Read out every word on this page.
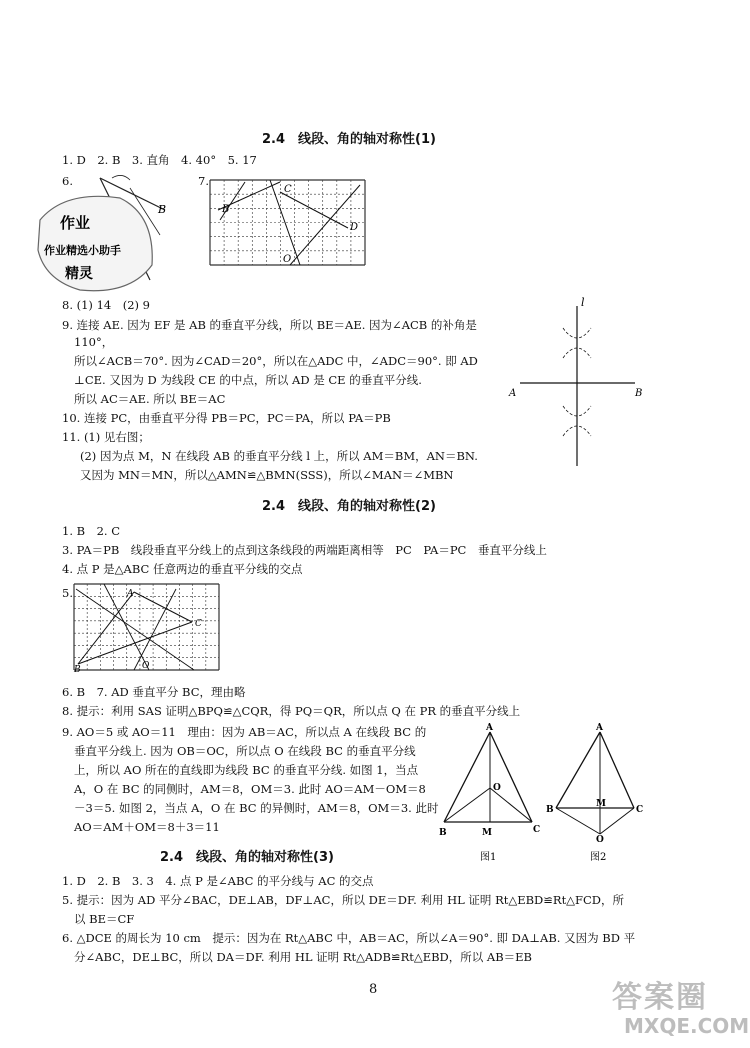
2.4　线段、角的轴对称性(1)
1. D　2. B　3. 直角　4. 40°　5. 17
6.	7.
B
作业
作业精选小助手
精灵
C
B
D
O
8. (1) 14　(2) 9
9. 连接 AE. 因为 EF 是 AB 的垂直平分线，所以 BE＝AE. 因为∠ACB 的补角是
110°，
所以∠ACB＝70°. 因为∠CAD＝20°，所以在△ADC 中，∠ADC＝90°. 即 AD
⊥CE. 又因为 D 为线段 CE 的中点，所以 AD 是 CE 的垂直平分线.
所以 AC＝AE. 所以 BE＝AC
10. 连接 PC，由垂直平分得 PB＝PC，PC＝PA，所以 PA＝PB
11. (1) 见右图；
(2) 因为点 M，N 在线段 AB 的垂直平分线 l 上，所以 AM＝BM，AN＝BN.
又因为 MN＝MN，所以△AMN≌△BMN(SSS)，所以∠MAN＝∠MBN
l
A	B
2.4　线段、角的轴对称性(2)
1. B　2. C
3. PA＝PB　线段垂直平分线上的点到这条线段的两端距离相等　PC　PA＝PC　垂直平分线上
4. 点 P 是△ABC 任意两边的垂直平分线的交点
5.	A
C
B	O
6. B　7. AD 垂直平分 BC，理由略
8. 提示：利用 SAS 证明△BPQ≌△CQR，得 PQ＝QR，所以点 Q 在 PR 的垂直平分线上
9. AO＝5 或 AO＝11　理由：因为 AB＝AC，所以点 A 在线段 BC 的
垂直平分线上. 因为 OB＝OC，所以点 O 在线段 BC 的垂直平分线
上，所以 AO 所在的直线即为线段 BC 的垂直平分线. 如图 1，当点
A，O 在 BC 的同侧时，AM＝8，OM＝3. 此时 AO＝AM－OM＝8
－3＝5. 如图 2，当点 A，O 在 BC 的异侧时，AM＝8，OM＝3. 此时
AO＝AM＋OM＝8＋3＝11
A
O
B	M	C
图1
A
B
M
C
O
图2
2.4　线段、角的轴对称性(3)
1. D　2. B　3. 3　4. 点 P 是∠ABC 的平分线与 AC 的交点
5. 提示：因为 AD 平分∠BAC，DE⊥AB，DF⊥AC，所以 DE＝DF. 利用 HL 证明 Rt△EBD≌Rt△FCD，所
以 BE＝CF
6. △DCE 的周长为 10 cm　提示：因为在 Rt△ABC 中，AB＝AC，所以∠A＝90°. 即 DA⊥AB. 又因为 BD 平
分∠ABC，DE⊥BC，所以 DA＝DF. 利用 HL 证明 Rt△ADB≌Rt△EBD，所以 AB＝EB
8	答案圈
MXQE.COM
